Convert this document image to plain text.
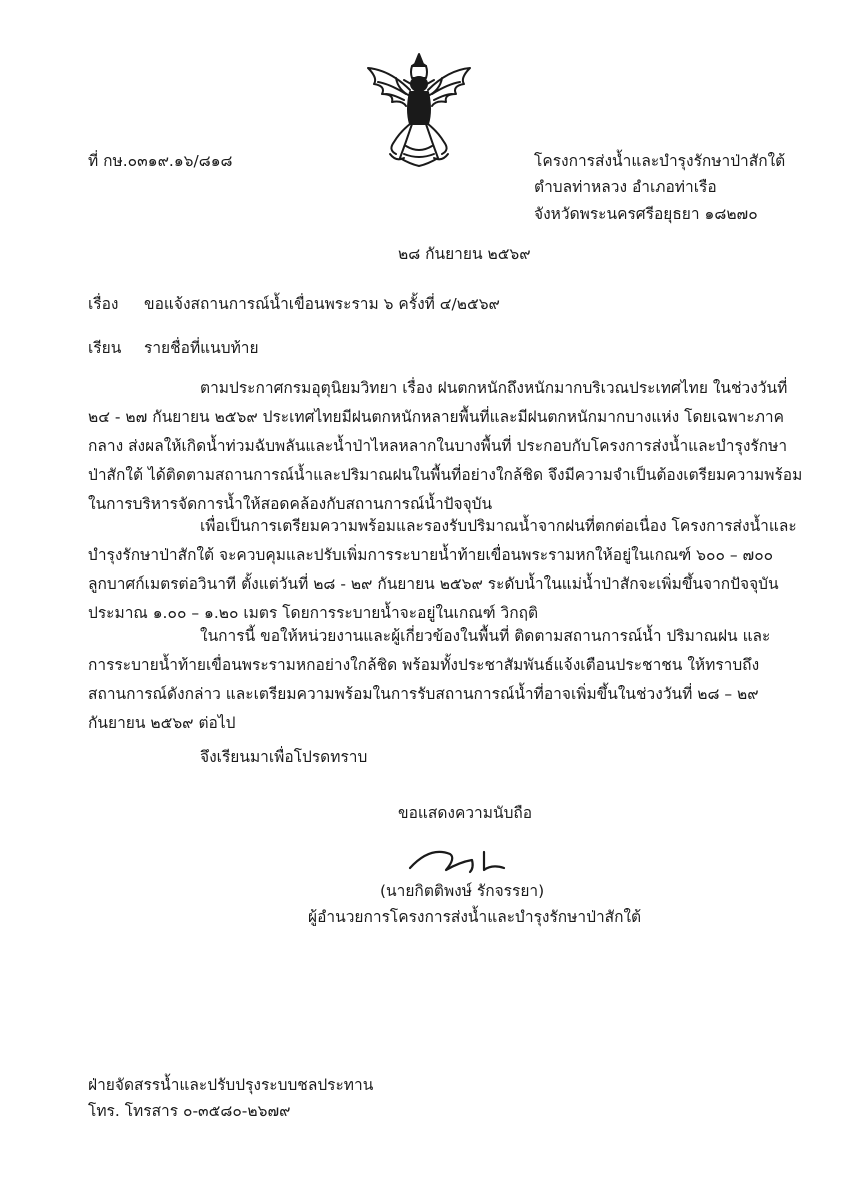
ที่ กษ.๐๓๑๙.๑๖/๘๑๘	โครงการส่งน้ำและบำรุงรักษาป่าสักใต้
ตำบลท่าหลวง อำเภอท่าเรือ
จังหวัดพระนครศรีอยุธยา ๑๘๒๗๐
๒๘ กันยายน ๒๕๖๙
เรื่อง ขอแจ้งสถานการณ์น้ำเขื่อนพระราม ๖ ครั้งที่ ๔/๒๕๖๙
เรียน รายชื่อที่แนบท้าย

ตามประกาศกรมอุตุนิยมวิทยา เรื่อง ฝนตกหนักถึงหนักมากบริเวณประเทศไทย ในช่วงวันที่
๒๔ - ๒๗ กันยายน ๒๕๖๙ ประเทศไทยมีฝนตกหนักหลายพื้นที่และมีฝนตกหนักมากบางแห่ง โดยเฉพาะภาค
กลาง ส่งผลให้เกิดน้ำท่วมฉับพลันและน้ำป่าไหลหลากในบางพื้นที่ ประกอบกับโครงการส่งน้ำและบำรุงรักษา
ป่าสักใต้ ได้ติดตามสถานการณ์น้ำและปริมาณฝนในพื้นที่อย่างใกล้ชิด จึงมีความจำเป็นต้องเตรียมความพร้อม
ในการบริหารจัดการน้ำให้สอดคล้องกับสถานการณ์น้ำปัจจุบัน

เพื่อเป็นการเตรียมความพร้อมและรองรับปริมาณน้ำจากฝนที่ตกต่อเนื่อง โครงการส่งน้ำและ
บำรุงรักษาป่าสักใต้ จะควบคุมและปรับเพิ่มการระบายน้ำท้ายเขื่อนพระรามหกให้อยู่ในเกณฑ์ ๖๐๐ – ๗๐๐
ลูกบาศก์เมตรต่อวินาที ตั้งแต่วันที่ ๒๘ - ๒๙ กันยายน ๒๕๖๙ ระดับน้ำในแม่น้ำป่าสักจะเพิ่มขึ้นจากปัจจุบัน
ประมาณ ๑.๐๐ – ๑.๒๐ เมตร โดยการระบายน้ำจะอยู่ในเกณฑ์ วิกฤติ

ในการนี้ ขอให้หน่วยงานและผู้เกี่ยวข้องในพื้นที่ ติดตามสถานการณ์น้ำ ปริมาณฝน และ
การระบายน้ำท้ายเขื่อนพระรามหกอย่างใกล้ชิด พร้อมทั้งประชาสัมพันธ์แจ้งเตือนประชาชน ให้ทราบถึง
สถานการณ์ดังกล่าว และเตรียมความพร้อมในการรับสถานการณ์น้ำที่อาจเพิ่มขึ้นในช่วงวันที่ ๒๘ – ๒๙
กันยายน ๒๕๖๙ ต่อไป

จึงเรียนมาเพื่อโปรดทราบ
ขอแสดงความนับถือ
(นายกิตติพงษ์ รักจรรยา)
ผู้อำนวยการโครงการส่งน้ำและบำรุงรักษาป่าสักใต้
ฝ่ายจัดสรรน้ำและปรับปรุงระบบชลประทาน
โทร. โทรสาร ๐-๓๕๘๐-๒๖๗๙
